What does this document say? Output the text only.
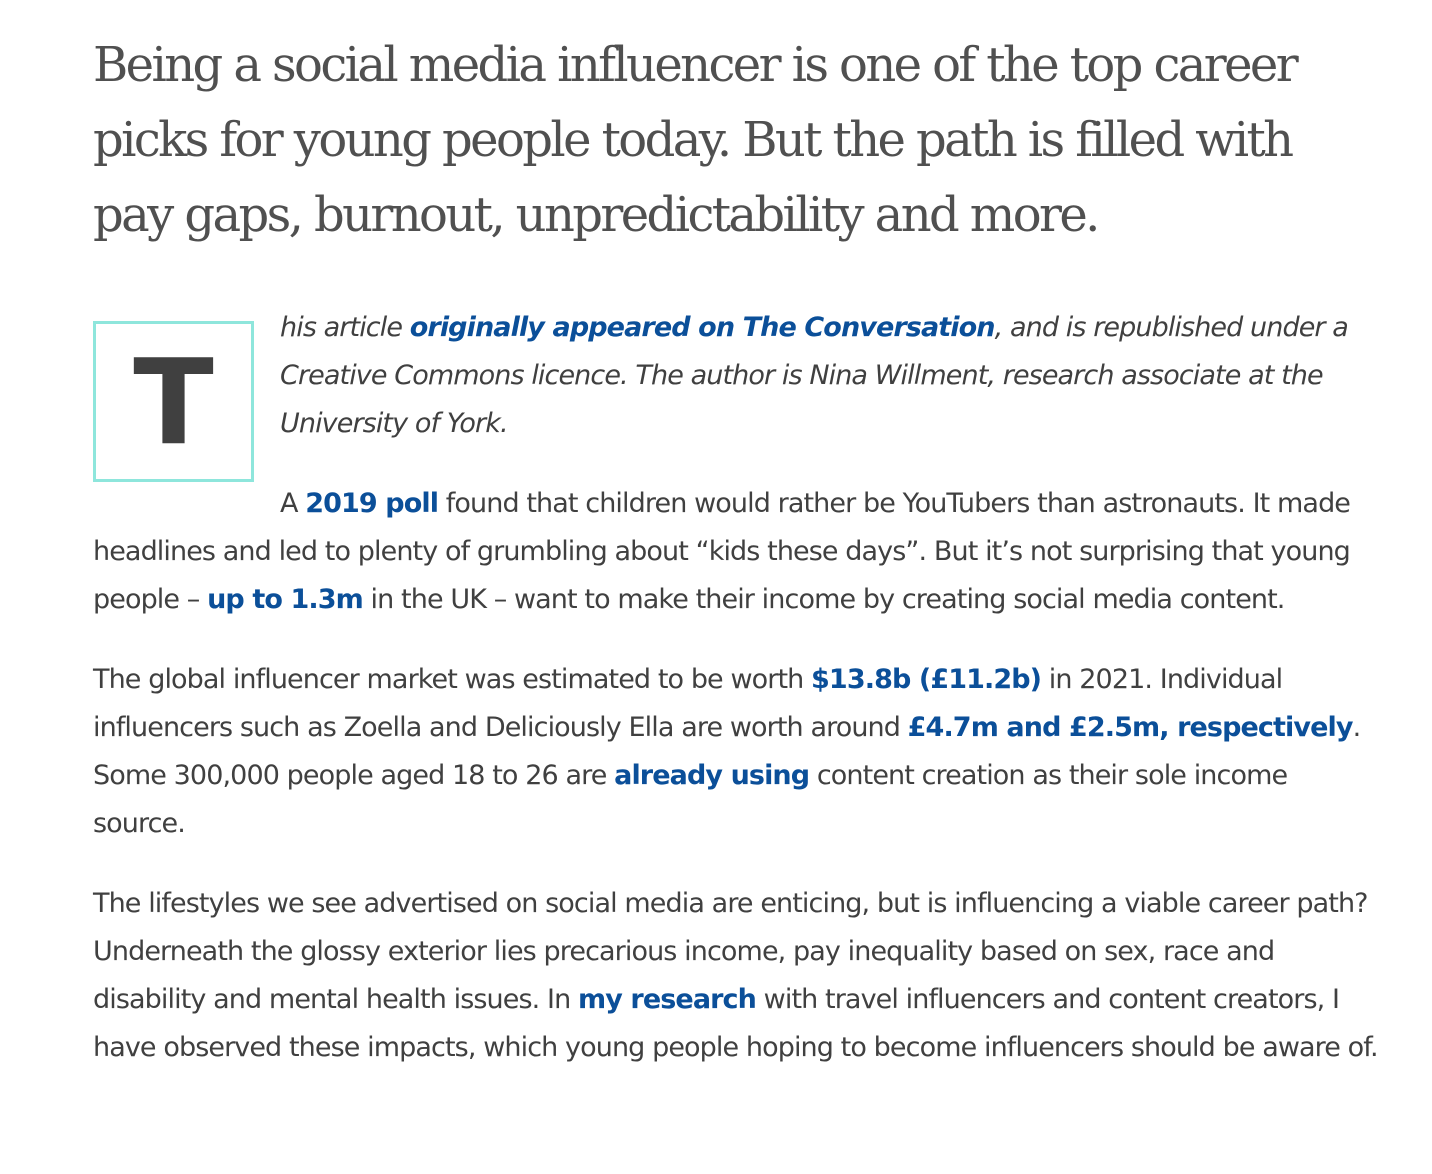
Being a social media influencer is one of the top career picks for young people today. But the path is filled with pay gaps, burnout, unpredictability and more.
T

his article originally appeared on The Conversation, and is republished under a Creative Commons licence. The author is Nina Willment, research associate at the University of York.

A 2019 poll found that children would rather be YouTubers than astronauts. It made headlines and led to plenty of grumbling about “kids these days”. But it’s not surprising that young people – up to 1.3m in the UK – want to make their income by creating social media content.

The global influencer market was estimated to be worth $13.8b (£11.2b) in 2021. Individual influencers such as Zoella and Deliciously Ella are worth around £4.7m and £2.5m, respectively. Some 300,000 people aged 18 to 26 are already using content creation as their sole income source.

The lifestyles we see advertised on social media are enticing, but is influencing a viable career path? Underneath the glossy exterior lies precarious income, pay inequality based on sex, race and disability and mental health issues. In my research with travel influencers and content creators, I have observed these impacts, which young people hoping to become influencers should be aware of.
